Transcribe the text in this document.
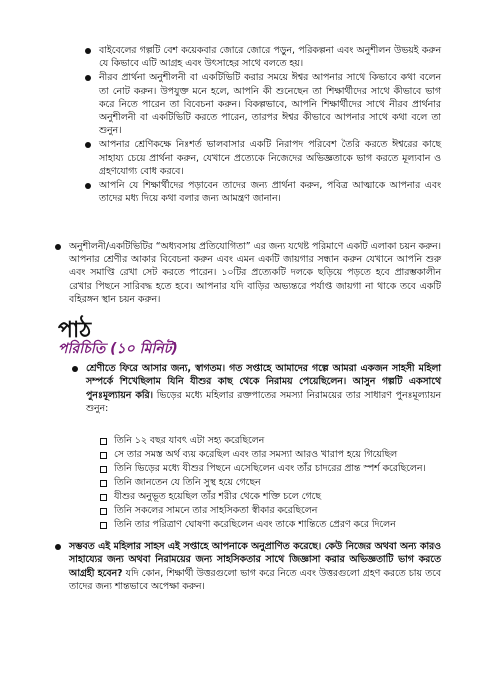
বাইবেলের গল্পটি বেশ কয়েকবার জোরে জোরে পড়ুন, পরিকল্পনা এবং অনুশীলন উভয়ই করুন যে কিভাবে এটি আগ্রহ এবং উৎসাহের সাথে বলতে হয়।
নীরব প্রার্থনা অনুশীলনী বা একটিভিটি করার সময়ে ঈশ্বর আপনার সাথে কিভাবে কথা বলেন তা নোট করুন। উপযুক্ত মনে হলে, আপনি কী শুনেছেন তা শিক্ষার্থীদের সাথে কীভাবে ভাগ করে নিতে পারেন তা বিবেচনা করুন। বিকল্পভাবে, আপনি শিক্ষার্থীদের সাথে নীরব প্রার্থনার অনুশীলনী বা একটিভিটি করতে পারেন, তারপর ঈশ্বর কীভাবে আপনার সাথে কথা বলে তা শুনুন।
আপনার শ্রেণিকক্ষে নিঃশর্ত ভালবাসার একটি নিরাপদ পরিবেশ তৈরি করতে ঈশ্বরের কাছে সাহায্য চেয়ে প্রার্থনা করুন, যেখানে প্রত্যেকে নিজেদের অভিজ্ঞতাকে ভাগ করতে মূল্যবান ও গ্রহণযোগ্য বোধ করবে।
আপনি যে শিক্ষার্থীদের পড়াবেন তাদের জন্য প্রার্থনা করুন, পবিত্র আত্মাকে আপনার এবং তাদের মধ্য দিয়ে কথা বলার জন্য আমন্ত্রণ জানান।
অনুশীলনী/একটিভিটির “অধ্যবসায় প্রতিযোগিতা” এর জন্য যথেষ্ট পরিমাণে একটি এলাকা চয়ন করুন। আপনার শ্রেণীর আকার বিবেচনা করুন এবং এমন একটি জায়গার সন্ধান করুন যেখানে আপনি শুরু এবং সমাপ্তি রেখা সেট করতে পারেন। ১০টির প্রত্যেকটি দলকে ছড়িয়ে পড়তে হবে প্রারম্ভকালীন রেখার পিছনে সারিবদ্ধ হতে হবে। আপনার যদি বাড়ির অভ্যন্তরে পর্যাপ্ত জায়গা না থাকে তবে একটি বহিরঙ্গন স্থান চয়ন করুন।
পাঠ
পরিচিতি (১০ মিনিট)
শ্রেণীতে ফিরে আসার জন্য, স্বাগতম। গত সপ্তাহে আমাদের গল্পে আমরা একজন সাহসী মহিলা সম্পর্কে শিখেছিলাম যিনি যীশুর কাছ থেকে নিরাময় পেয়েছিলেন। আসুন গল্পটি একসাথে পুনঃমূল্যায়ন করি। ভিড়ের মধ্যে মহিলার রক্তপাতের সমস্যা নিরাময়ের তার সাধারণ পুনঃমূল্যায়ন শুনুন:
তিনি ১২ বছর যাবৎ এটা সহ্য করেছিলেন
সে তার সমস্ত অর্থ ব্যয় করেছিল এবং তার সমস্যা আরও খারাপ হয়ে গিয়েছিল
তিনি ভিড়ের মধ্যে যীশুর পিছনে এসেছিলেন এবং তাঁর চাদরের প্রান্ত স্পর্শ করেছিলেন।
তিনি জানতেন যে তিনি সুস্থ হয়ে গেছেন
যীশুর অনুভূত হয়েছিল তাঁর শরীর থেকে শক্তি চলে গেছে
তিনি সকলের সামনে তার সাহসিকতা স্বীকার করেছিলেন
তিনি তার পরিত্রাণ ঘোষণা করেছিলেন এবং তাকে শান্তিতে প্রেরণ করে দিলেন
সম্ভবত এই মহিলার সাহস এই সপ্তাহে আপনাকে অনুপ্রাণিত করেছে। কেউ নিজের অথবা অন্য কারও সাহায্যের জন্য অথবা নিরাময়ের জন্য সাহসিকতার সাথে জিজ্ঞাসা করার অভিজ্ঞতাটি ভাগ করতে আগ্রহী হবেন? যদি কোন, শিক্ষার্থী উত্তরগুলো ভাগ করে নিতে এবং উত্তরগুলো গ্রহণ করতে চায় তবে তাদের জন্য শান্তভাবে অপেক্ষা করুন।
